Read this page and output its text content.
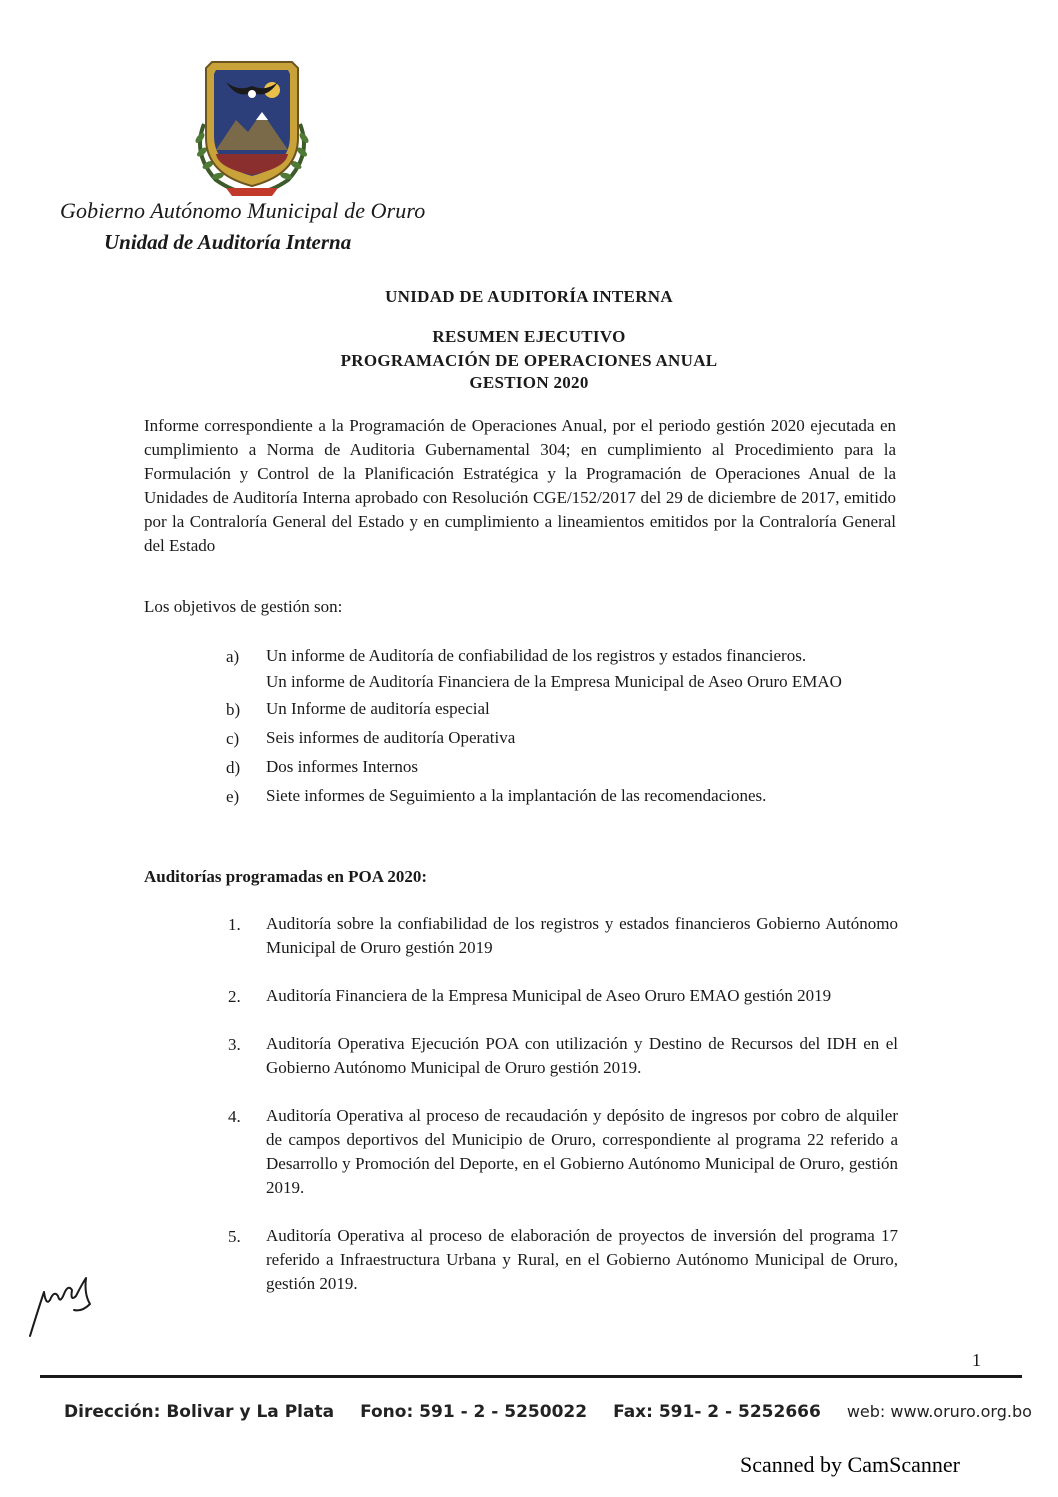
Gobierno Autónomo Municipal de Oruro
Unidad de Auditoría Interna
UNIDAD DE AUDITORÍA INTERNA
RESUMEN EJECUTIVO
PROGRAMACIÓN DE OPERACIONES ANUAL
GESTION 2020

Informe correspondiente a la Programación de Operaciones Anual, por el periodo gestión 2020 ejecutada en cumplimiento a Norma de Auditoria Gubernamental 304; en cumplimiento al Procedimiento para la Formulación y Control de la Planificación Estratégica y la Programación de Operaciones Anual de la Unidades de Auditoría Interna aprobado con Resolución CGE/152/2017 del 29 de diciembre de 2017, emitido por la Contraloría General del Estado y en cumplimiento a lineamientos emitidos por la Contraloría General del Estado

Los objetivos de gestión son:
a)	Un informe de Auditoría de confiabilidad de los registros y estados financieros.
Un informe de Auditoría Financiera de la Empresa Municipal de Aseo Oruro EMAO
b)	Un Informe de auditoría especial
c)	Seis informes de auditoría Operativa
d)	Dos informes Internos
e)	Siete informes de Seguimiento a la implantación de las recomendaciones.
Auditorías programadas en POA 2020:
1.	Auditoría sobre la confiabilidad de los registros y estados financieros Gobierno Autónomo Municipal de Oruro gestión 2019
2.	Auditoría Financiera de la Empresa Municipal de Aseo Oruro EMAO gestión 2019
3.	Auditoría Operativa Ejecución POA con utilización y Destino de Recursos del IDH en el Gobierno Autónomo Municipal de Oruro gestión 2019.
4.	Auditoría Operativa al proceso de recaudación y depósito de ingresos por cobro de alquiler de campos deportivos del Municipio de Oruro, correspondiente al programa 22 referido a Desarrollo y Promoción del Deporte, en el Gobierno Autónomo Municipal de Oruro, gestión 2019.
5.	Auditoría Operativa al proceso de elaboración de proyectos de inversión del programa 17 referido a Infraestructura Urbana y Rural, en el Gobierno Autónomo Municipal de Oruro, gestión 2019.
1
Dirección: Bolivar y La Plata Fono: 591 - 2 - 5250022 Fax: 591- 2 - 5252666 web: www.oruro.org.bo
Scanned by CamScanner
